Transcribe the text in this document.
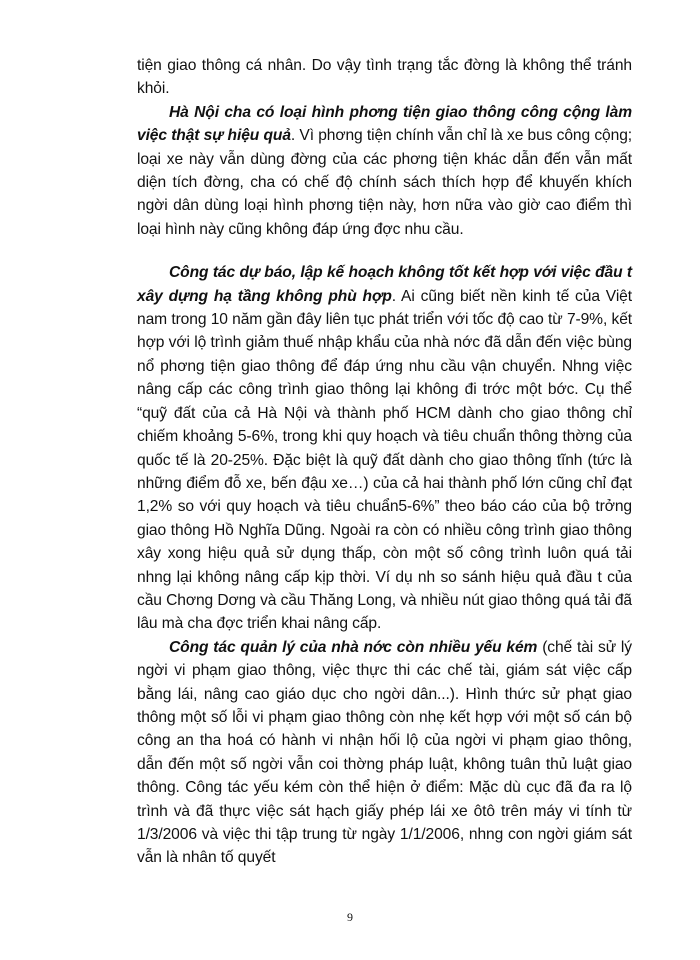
tiện giao thông cá nhân. Do vậy tình trạng tắc đờng là không thể tránh khỏi.

Hà Nội cha có loại hình phơng tiện giao thông công cộng làm việc thật sự hiệu quả. Vì phơng tiện chính vẫn chỉ là xe bus công cộng; loại xe này vẫn dùng đờng của các phơng tiện khác dẫn đến vẫn mất diện tích đờng, cha có chế độ chính sách thích hợp để khuyến khích ngời dân dùng loại hình phơng tiện này, hơn nữa vào giờ cao điểm thì loại hình này cũng không đáp ứng đợc nhu cầu.

Công tác dự báo, lập kế hoạch không tốt kết hợp với việc đầu t xây dựng hạ tầng không phù hợp. Ai cũng biết nền kinh tế của Việt nam trong 10 năm gần đây liên tục phát triển với tốc độ cao từ 7-9%, kết hợp với lộ trình giảm thuế nhập khẩu của nhà nớc đã dẫn đến việc bùng nổ phơng tiện giao thông để đáp ứng nhu cầu vận chuyển. Nhng việc nâng cấp các công trình giao thông lại không đi trớc một bớc. Cụ thể “quỹ đất của cả Hà Nội và thành phố HCM dành cho giao thông chỉ chiếm khoảng 5-6%, trong khi quy hoạch và tiêu chuẩn thông thờng của quốc tế là 20-25%. Đặc biệt là quỹ đất dành cho giao thông tĩnh (tức là những điểm đỗ xe, bến đậu xe…) của cả hai thành phố lớn cũng chỉ đạt 1,2% so với quy hoạch và tiêu chuẩn5-6%” theo báo cáo của bộ trởng giao thông Hồ Nghĩa Dũng. Ngoài ra còn có nhiều công trình giao thông xây xong hiệu quả sử dụng thấp, còn một số công trình luôn quá tải nhng lại không nâng cấp kịp thời. Ví dụ nh so sánh hiệu quả đầu t của cầu Chơng Dơng và cầu Thăng Long, và nhiều nút giao thông quá tải đã lâu mà cha đợc triển khai nâng cấp.

Công tác quản lý của nhà nớc còn nhiều yếu kém (chế tài sử lý ngời vi phạm giao thông, việc thực thi các chế tài, giám sát việc cấp bằng lái, nâng cao giáo dục cho ngời dân...). Hình thức sử phạt giao thông một số lỗi vi phạm giao thông còn nhẹ kết hợp với một số cán bộ công an tha hoá có hành vi nhận hối lộ của ngời vi phạm giao thông, dẫn đến một số ngời vẫn coi thờng pháp luật, không tuân thủ luật giao thông. Công tác yếu kém còn thể hiện ở điểm: Mặc dù cục đã đa ra lộ trình và đã thực việc sát hạch giấy phép lái xe ôtô trên máy vi tính từ 1/3/2006 và việc thi tập trung từ ngày 1/1/2006, nhng con ngời giám sát vẫn là nhân tố quyết

9
